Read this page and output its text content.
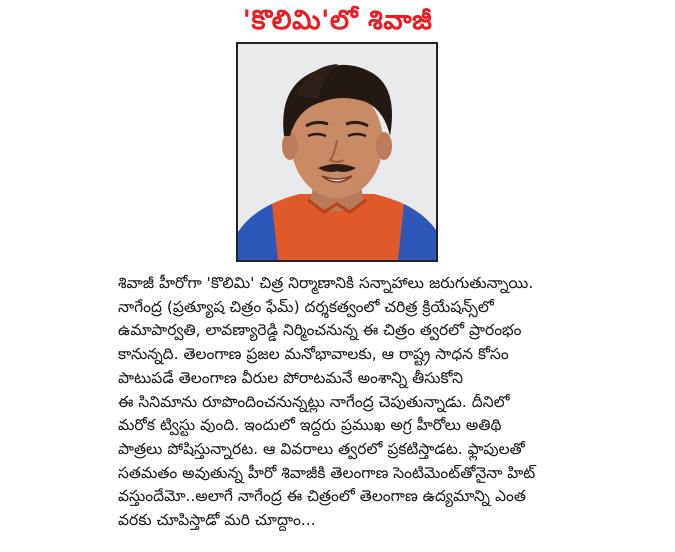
'కొలిమి'లో శివాజీ
శివాజీ హీరోగా 'కొలిమి' చిత్ర నిర్మాణానికి సన్నాహాలు జరుగుతున్నాయి.
నాగేంద్ర (ప్రత్యూష చిత్రం ఫేమ్) దర్శకత్వంలో చరిత్ర క్రియేషన్స్‌లో
ఉమాపార్వతి, లావణ్యారెడ్డి నిర్మించనున్న ఈ చిత్రం త్వరలో ప్రారంభం
కానున్నది. తెలంగాణ ప్రజల మనోభావాలకు, ఆ రాష్ట్ర సాధన కోసం
పాటుపడే తెలంగాణ వీరుల పోరాటమనే అంశాన్ని తీసుకోని
ఈ సినిమాను రూపొందించనున్నట్లు నాగేంద్ర చెపుతున్నాడు. దీనిలో
మరోక ట్విస్టు వుంది. ఇందులో ఇద్దరు ప్రముఖ అగ్ర హీరోలు అతిథి
పాత్రలు పోషిస్తున్నారట. ఆ వివరాలు త్వరలో ప్రకటిస్తాడట. ఫ్లాపులతో
సతమతం అవుతున్న హీరో శివాజీకి తెలంగాణ సెంటిమెంట్‌తోనైనా హిట్
వస్తుందేమో..అలాగే నాగేంద్ర ఈ చిత్రంలో తెలంగాణ ఉద్యమాన్ని ఎంత
వరకు చూపిస్తాడో మరి చూద్దాం...
